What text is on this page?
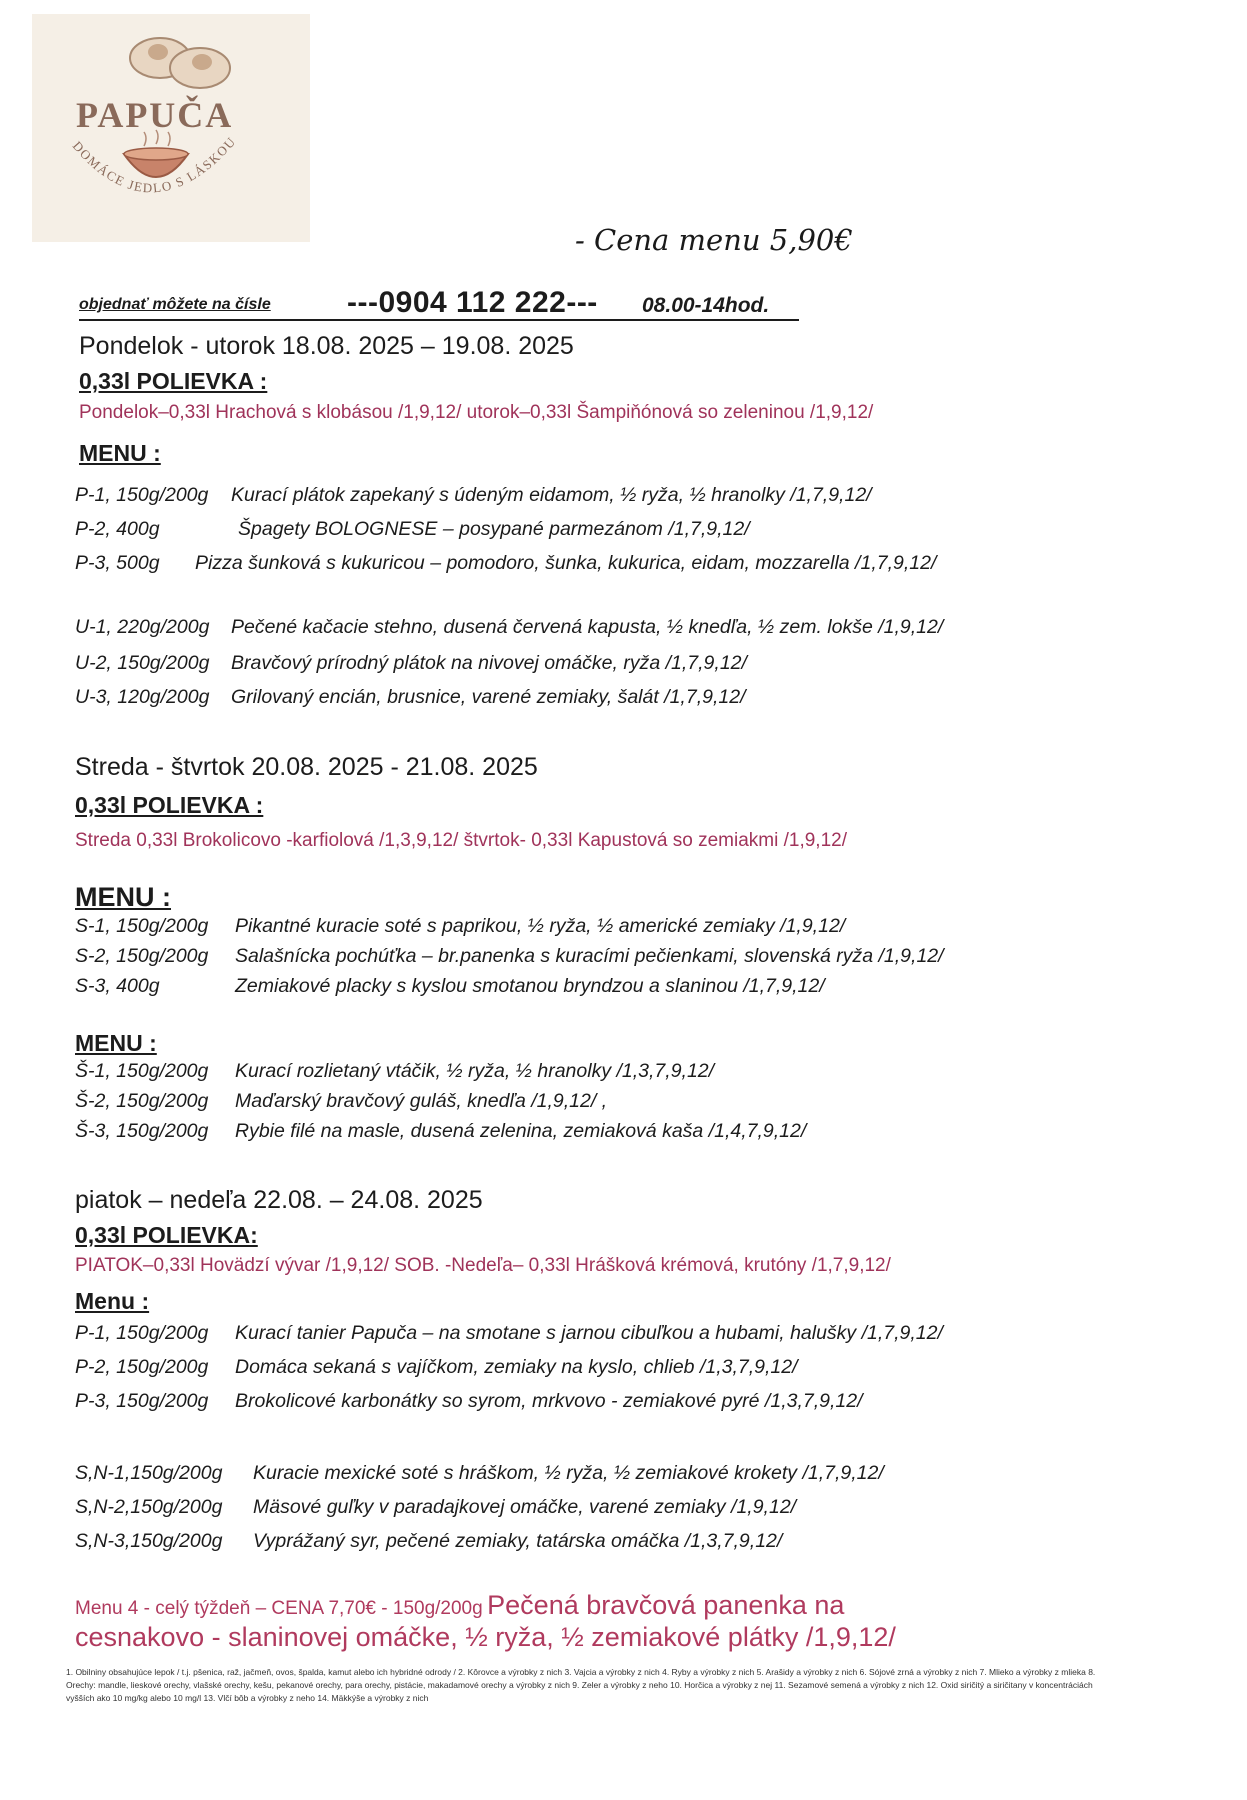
PAPUČA
DOMÁCE JEDLO S LÁSKOU
- Cena menu 5,90€
objednať môžete na čísle	---0904 112 222--- 08.00-14hod.
Pondelok - utorok 18.08. 2025 – 19.08. 2025
0,33l POLIEVKA :
Pondelok–0,33l Hrachová s klobásou /1,9,12/ utorok–0,33l Šampiňónová so zeleninou /1,9,12/
MENU :
P-1, 150g/200g Kurací plátok zapekaný s údeným eidamom, ½ ryža, ½ hranolky /1,7,9,12/
P-2, 400g	Špagety BOLOGNESE – posypané parmezánom /1,7,9,12/
P-3, 500g Pizza šunková s kukuricou – pomodoro, šunka, kukurica, eidam, mozzarella /1,7,9,12/
U-1, 220g/200g Pečené kačacie stehno, dusená červená kapusta, ½ knedľa, ½ zem. lokše /1,9,12/
U-2, 150g/200g Bravčový prírodný plátok na nivovej omáčke, ryža /1,7,9,12/
U-3, 120g/200g Grilovaný encián, brusnice, varené zemiaky, šalát /1,7,9,12/
Streda - štvrtok 20.08. 2025 - 21.08. 2025
0,33l POLIEVKA :
Streda 0,33l Brokolicovo -karfiolová /1,3,9,12/ štvrtok- 0,33l Kapustová so zemiakmi /1,9,12/
MENU :
S-1, 150g/200g Pikantné kuracie soté s paprikou, ½ ryža, ½ americké zemiaky /1,9,12/
S-2, 150g/200g Salašnícka pochúťka – br.panenka s kuracími pečienkami, slovenská ryža /1,9,12/
S-3, 400g	Zemiakové placky s kyslou smotanou bryndzou a slaninou /1,7,9,12/
MENU :
Š-1, 150g/200g Kurací rozlietaný vtáčik, ½ ryža, ½ hranolky /1,3,7,9,12/
Š-2, 150g/200g Maďarský bravčový guláš, knedľa /1,9,12/ ,
Š-3, 150g/200g Rybie filé na masle, dusená zelenina, zemiaková kaša /1,4,7,9,12/
piatok – nedeľa 22.08. – 24.08. 2025
0,33l POLIEVKA:
PIATOK–0,33l Hovädzí vývar /1,9,12/ SOB. -Nedeľa– 0,33l Hrášková krémová, krutóny /1,7,9,12/
Menu :
P-1, 150g/200g Kurací tanier Papuča – na smotane s jarnou cibuľkou a hubami, halušky /1,7,9,12/
P-2, 150g/200g Domáca sekaná s vajíčkom, zemiaky na kyslo, chlieb /1,3,7,9,12/
P-3, 150g/200g Brokolicové karbonátky so syrom, mrkvovo - zemiakové pyré /1,3,7,9,12/
S,N-1,150g/200g Kuracie mexické soté s hráškom, ½ ryža, ½ zemiakové krokety /1,7,9,12/
S,N-2,150g/200g Mäsové guľky v paradajkovej omáčke, varené zemiaky /1,9,12/
S,N-3,150g/200g Vyprážaný syr, pečené zemiaky, tatárska omáčka /1,3,7,9,12/
Menu 4 - celý týždeň – CENA 7,70€ - 150g/200g Pečená bravčová panenka na
cesnakovo - slaninovej omáčke, ½ ryža, ½ zemiakové plátky /1,9,12/
1. Obilniny obsahujúce lepok / t.j. pšenica, raž, jačmeň, ovos, špalda, kamut alebo ich hybridné odrody / 2. Kôrovce a výrobky z nich 3. Vajcia a výrobky z nich 4. Ryby a výrobky z nich 5. Arašidy a výrobky z nich 6. Sójové zrná a výrobky z nich 7. Mlieko a výrobky z mlieka 8. Orechy: mandle, lieskové orechy, vlašské orechy, kešu, pekanové orechy, para orechy, pistácie, makadamové orechy a výrobky z nich 9. Zeler a výrobky z neho 10. Horčica a výrobky z nej 11. Sezamové semená a výrobky z nich 12. Oxid siričitý a siričitany v koncentráciách vyšších ako 10 mg/kg alebo 10 mg/l 13. Vlčí bôb a výrobky z neho 14. Mäkkýše a výrobky z nich
